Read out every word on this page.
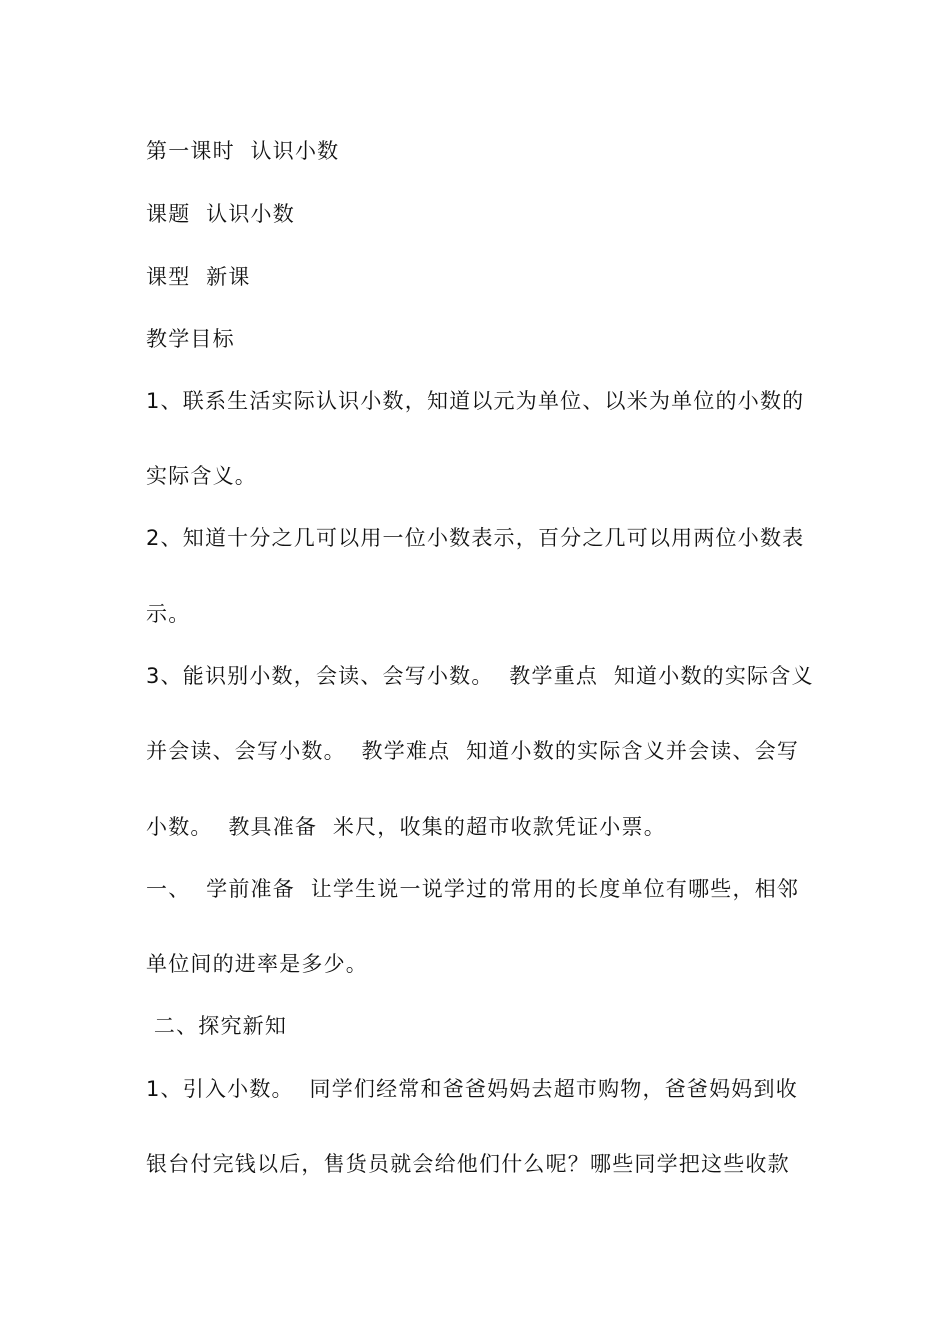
第一课时  认识小数
课题  认识小数
课型  新课
教学目标
1、联系生活实际认识小数，知道以元为单位、以米为单位的小数的
实际含义。
2、知道十分之几可以用一位小数表示，百分之几可以用两位小数表
示。
3、能识别小数，会读、会写小数。  教学重点  知道小数的实际含义
并会读、会写小数。  教学难点  知道小数的实际含义并会读、会写
小数。  教具准备  米尺，收集的超市收款凭证小票。
一、  学前准备  让学生说一说学过的常用的长度单位有哪些，相邻
单位间的进率是多少。
二、探究新知
1、引入小数。  同学们经常和爸爸妈妈去超市购物，爸爸妈妈到收
银台付完钱以后，售货员就会给他们什么呢？哪些同学把这些收款
